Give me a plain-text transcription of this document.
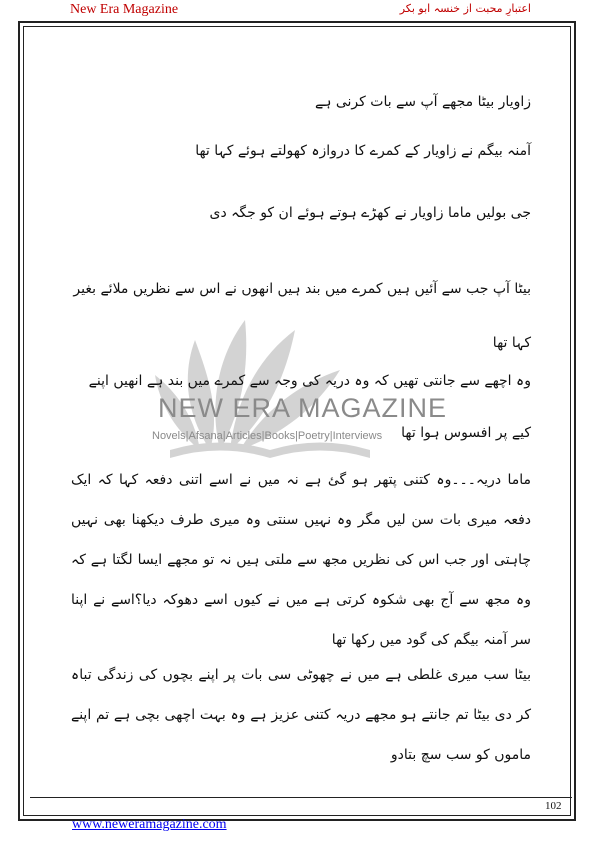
New Era Magazine	اعتبارِ محبت از خنسہ ابو بکر
NEW ERA MAGAZINE
Novels|Afsana|Articles|Books|Poetry|Interviews

زاویار بیٹا مجھے آپ سے بات کرنی ہے

آمنہ بیگم نے زاویار کے کمرے کا دروازہ کھولتے ہوئے کہا تھا

جی بولیں ماما زاویار نے کھڑے ہوتے ہوئے ان کو جگہ دی

بیٹا آپ جب سے آئیں ہیں کمرے میں بند ہیں انھوں نے اس سے نظریں ملائے بغیر کہا تھا

وہ اچھے سے جانتی تھیں کہ وہ دریہ کی وجہ سے کمرے میں بند ہے انھیں اپنے کیے پر افسوس ہوا تھا

ماما دریہ۔۔۔وہ کتنی پتھر ہو گئ ہے نہ میں نے اسے اتنی دفعہ کہا کہ ایک دفعہ میری بات سن لیں مگر وہ نہیں سنتی وہ میری طرف دیکھنا بھی نہیں چاہتی اور جب اس کی نظریں مجھ سے ملتی ہیں نہ تو مجھے ایسا لگتا ہے کہ وہ مجھ سے آج بھی شکوہ کرتی ہے میں نے کیوں اسے دھوکہ دیا؟اسے نے اپنا سر آمنہ بیگم کی گود میں رکھا تھا

بیٹا سب میری غلطی ہے میں نے چھوٹی سی بات پر اپنے بچوں کی زندگی تباہ کر دی بیٹا تم جانتے ہو مجھے دریہ کتنی عزیز ہے وہ بہت اچھی بچی ہے تم اپنے ماموں کو سب سچ بتادو

102
www.neweramagazine.com
